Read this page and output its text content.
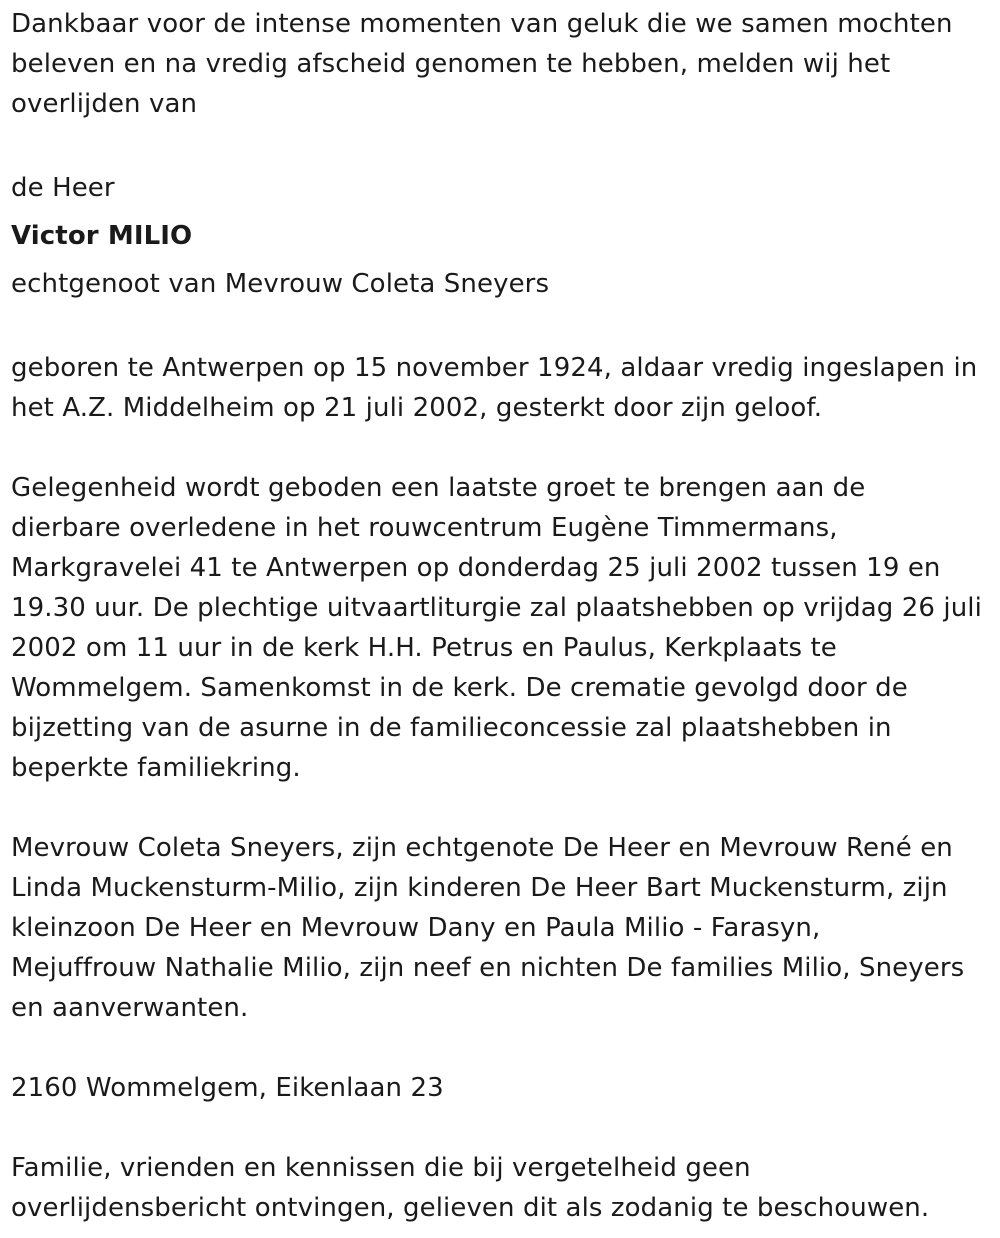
Dankbaar voor de intense momenten van geluk die we samen mochten
beleven en na vredig afscheid genomen te hebben, melden wij het
overlijden van

de Heer

Victor MILIO

echtgenoot van Mevrouw Coleta Sneyers

geboren te Antwerpen op 15 november 1924, aldaar vredig ingeslapen in
het A.Z. Middelheim op 21 juli 2002, gesterkt door zijn geloof.

Gelegenheid wordt geboden een laatste groet te brengen aan de
dierbare overledene in het rouwcentrum Eugène Timmermans,
Markgravelei 41 te Antwerpen op donderdag 25 juli 2002 tussen 19 en
19.30 uur. De plechtige uitvaartliturgie zal plaatshebben op vrijdag 26 juli
2002 om 11 uur in de kerk H.H. Petrus en Paulus, Kerkplaats te
Wommelgem. Samenkomst in de kerk. De crematie gevolgd door de
bijzetting van de asurne in de familieconcessie zal plaatshebben in
beperkte familiekring.

Mevrouw Coleta Sneyers, zijn echtgenote De Heer en Mevrouw René en
Linda Muckensturm-Milio, zijn kinderen De Heer Bart Muckensturm, zijn
kleinzoon De Heer en Mevrouw Dany en Paula Milio - Farasyn,
Mejuffrouw Nathalie Milio, zijn neef en nichten De families Milio, Sneyers
en aanverwanten.

2160 Wommelgem, Eikenlaan 23

Familie, vrienden en kennissen die bij vergetelheid geen
overlijdensbericht ontvingen, gelieven dit als zodanig te beschouwen.
